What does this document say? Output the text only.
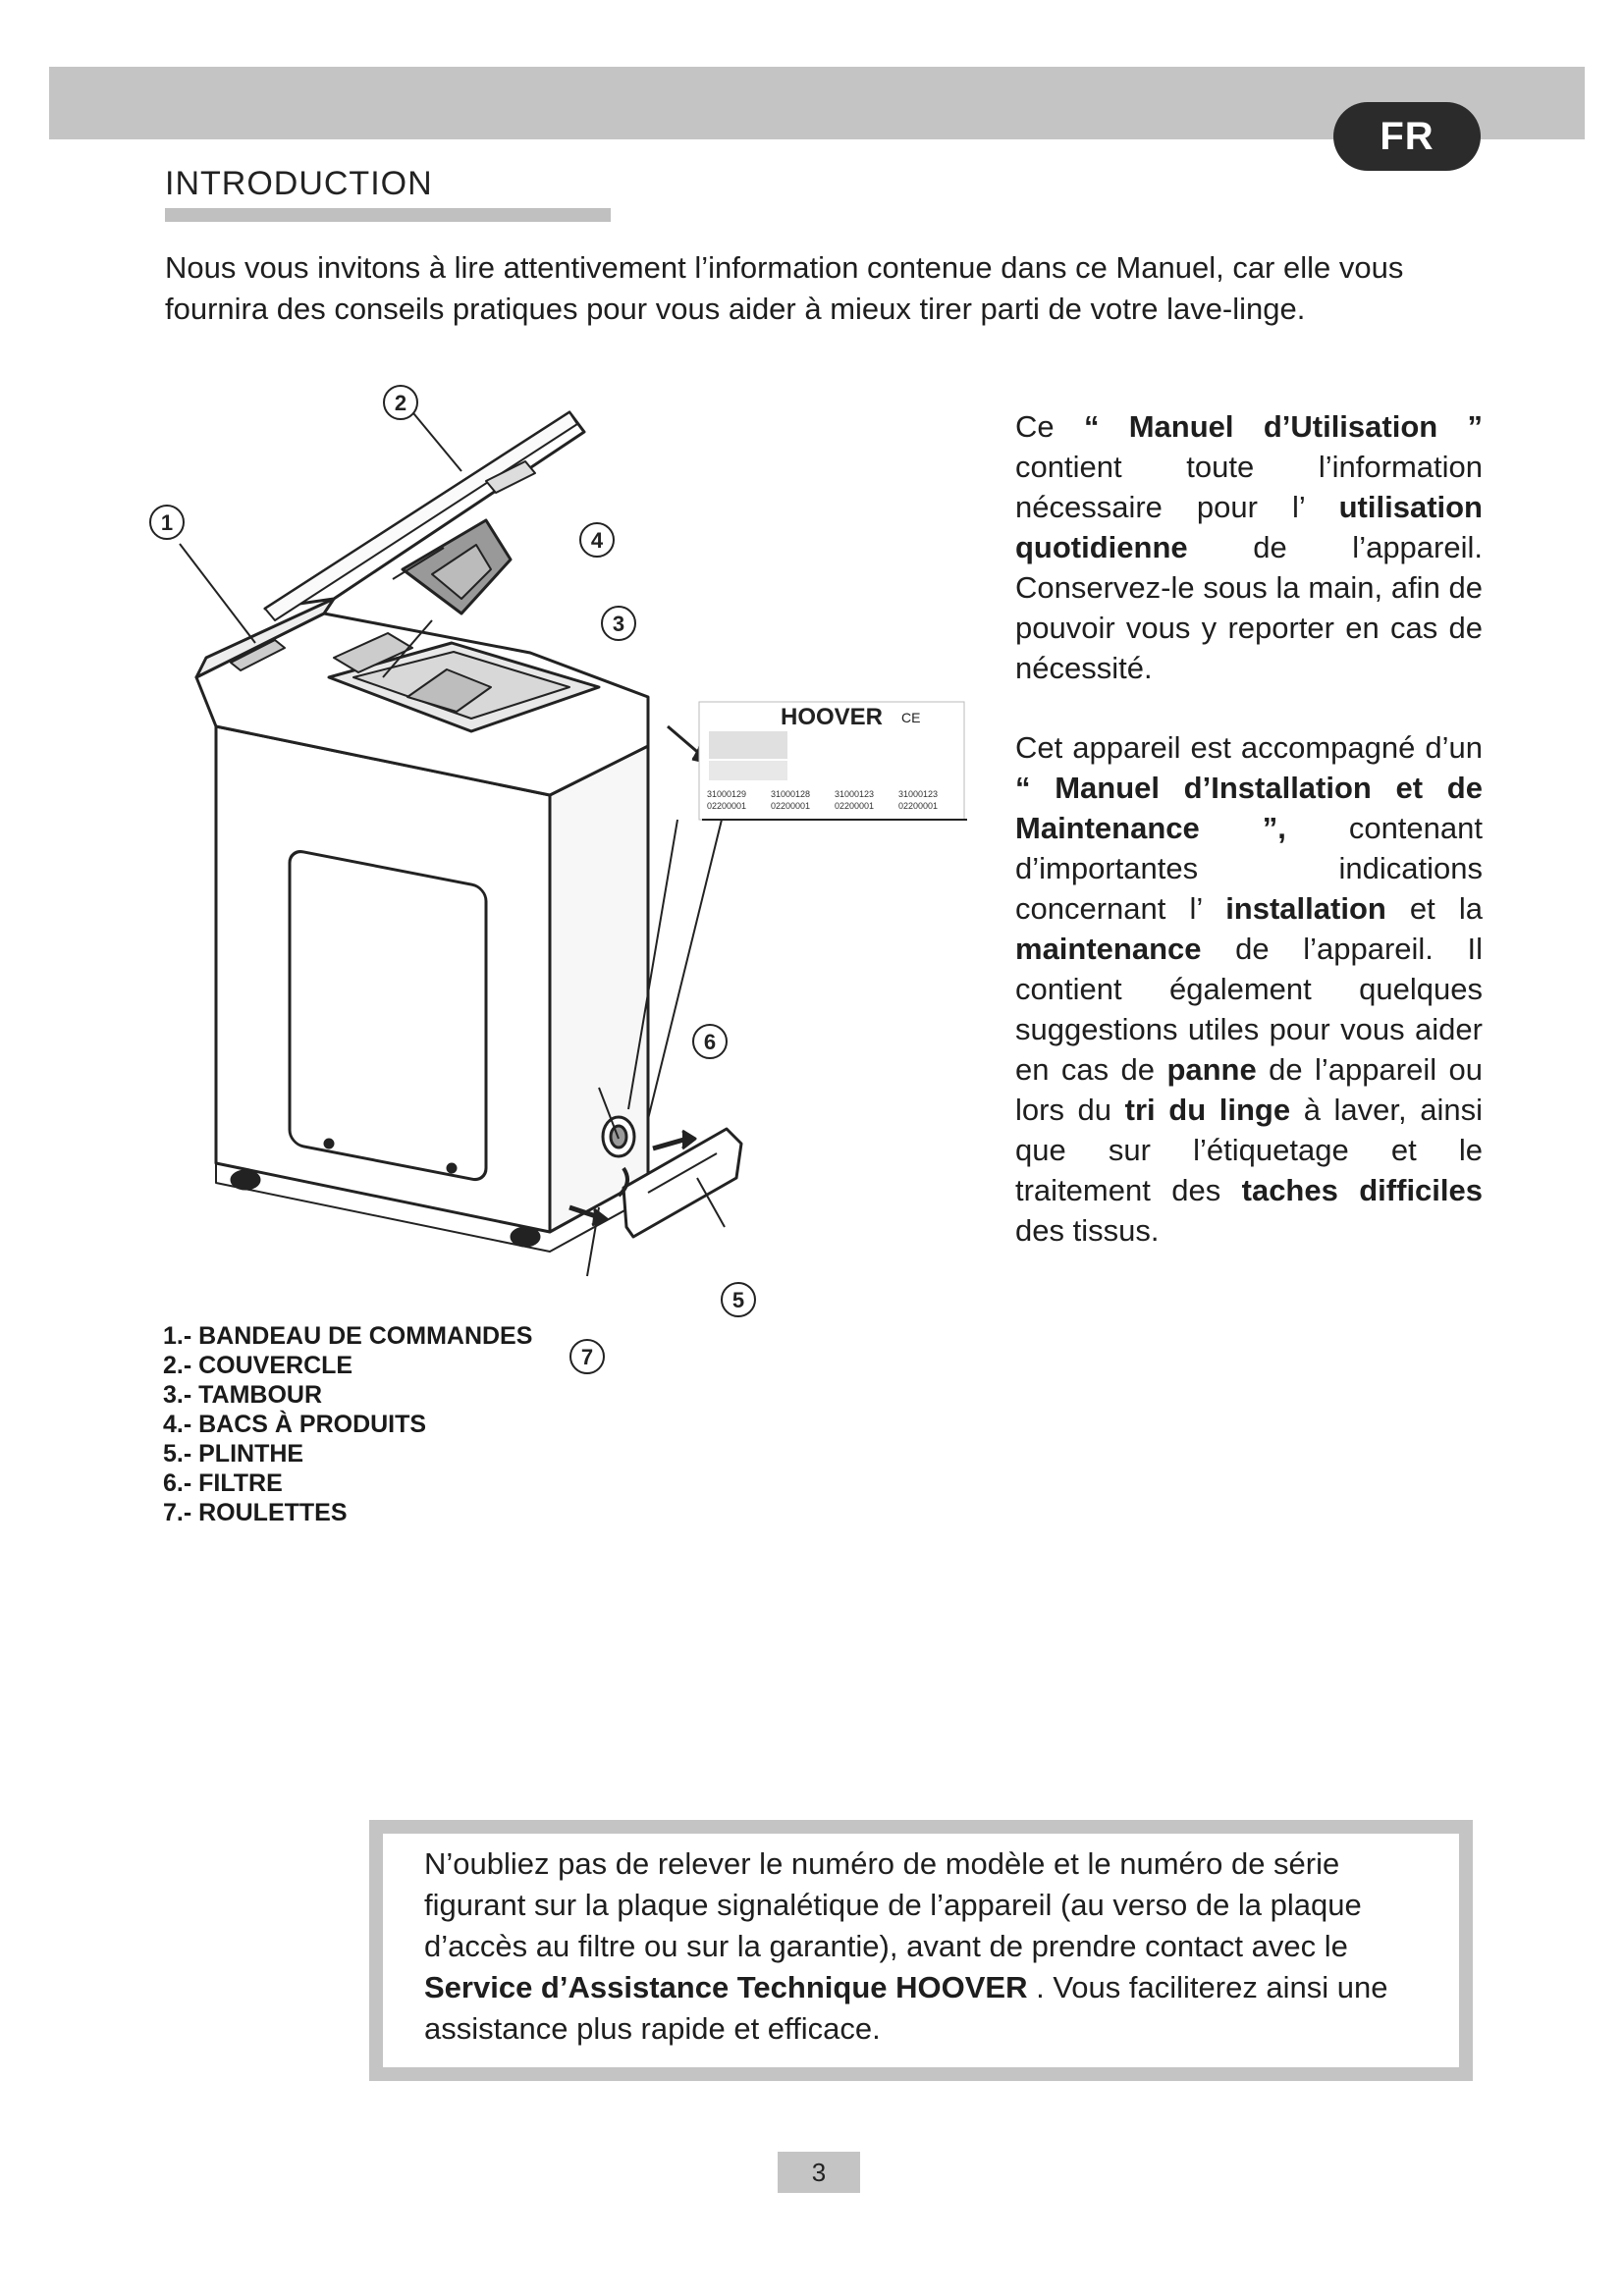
FR
INTRODUCTION
Nous vous invitons à lire attentivement l’information contenue dans ce Manuel, car elle vous fournira des conseils pratiques pour vous aider à mieux tirer parti de votre lave-linge.
HOOVER CE
31000129	31000128	31000123	31000123
02200001	02200001	02200001	02200001
1
2
3
4
5
6
7

Ce “ Manuel d’Utilisation ” contient toute l’information nécessaire pour l’ utilisation quotidienne de l’appareil. Conservez-le sous la main, afin de pouvoir vous y reporter en cas de nécessité.

Cet appareil est accompagné d’un “ Manuel d’Installation et de Maintenance ”, contenant d’importantes indications concernant l’ installation et la maintenance de l’appareil. Il contient également quelques suggestions utiles pour vous aider en cas de panne de l’appareil ou lors du tri du linge à laver, ainsi que sur l’étiquetage et le traitement des taches difficiles des tissus.

1.- BANDEAU DE COMMANDES
2.- COUVERCLE
3.- TAMBOUR
4.- BACS À PRODUITS
5.- PLINTHE
6.- FILTRE
7.- ROULETTES
N’oubliez pas de relever le numéro de modèle et le numéro de série figurant sur la plaque signalétique de l’appareil (au verso de la plaque d’accès au filtre ou sur la garantie), avant de prendre contact avec le Service d’Assistance Technique HOOVER . Vous faciliterez ainsi une assistance plus rapide et efficace.
3
